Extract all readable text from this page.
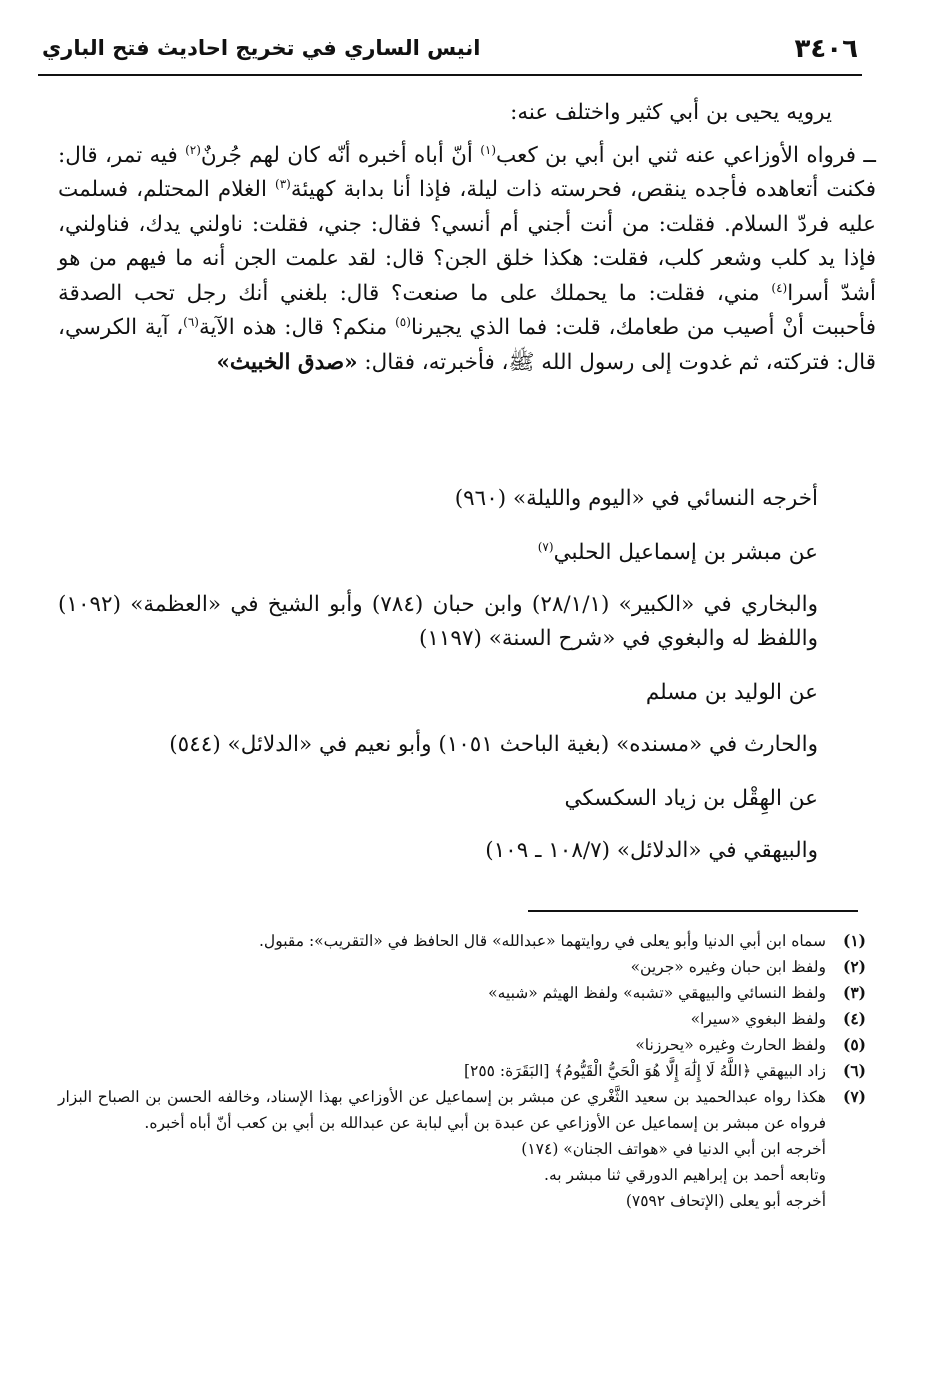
٣٤٠٦
انيس الساري في تخريج احاديث فتح الباري

يرويه يحيى بن أبي كثير واختلف عنه:

ــ فرواه الأوزاعي عنه ثني ابن أبي بن كعب$^{(١)}$ أنّ أباه أخبره أنّه كان لهم جُرنٌ$^{(٢)}$ فيه تمر، قال: فكنت أتعاهده فأجده ينقص، فحرسته ذات ليلة، فإذا أنا بدابة كهيئة$^{(٣)}$ الغلام المحتلم، فسلمت عليه فردّ السلام. فقلت: من أنت أجني أم أنسي؟ فقال: جني، فقلت: ناولني يدك، فناولني، فإذا يد كلب وشعر كلب، فقلت: هكذا خلق الجن؟ قال: لقد علمت الجن أنه ما فيهم من هو أشدّ أسرا$^{(٤)}$ مني، فقلت: ما يحملك على ما صنعت؟ قال: بلغني أنك رجل تحب الصدقة فأحببت أنْ أصيب من طعامك، قلت: فما الذي يجيرنا$^{(٥)}$ منكم؟ قال: هذه الآية$^{(٦)}$، آية الكرسي، قال: فتركته، ثم غدوت إلى رسول الله ﷺ، فأخبرته، فقال: «صدق الخبيث»

أخرجه النسائي في «اليوم والليلة» (٩٦٠)

عن مبشر بن إسماعيل الحلبي$^{(٧)}$

والبخاري في «الكبير» (٢٨/١/١) وابن حبان (٧٨٤) وأبو الشيخ في «العظمة» (١٠٩٢) واللفظ له والبغوي في «شرح السنة» (١١٩٧)

عن الوليد بن مسلم

والحارث في «مسنده» (بغية الباحث ١٠٥١) وأبو نعيم في «الدلائل» (٥٤٤)

عن الهِقْل بن زياد السكسكي

والبيهقي في «الدلائل» (١٠٨/٧ ـ ١٠٩)

(١)

سماه ابن أبي الدنيا وأبو يعلى في روايتهما «عبدالله» قال الحافظ في «التقريب»: مقبول.

(٢)

ولفظ ابن حبان وغيره «جرين»

(٣)

ولفظ النسائي والبيهقي «تشبه» ولفظ الهيثم «شبيه»

(٤)

ولفظ البغوي «سيرا»

(٥)

ولفظ الحارث وغيره «يحرزنا»

(٦)

زاد البيهقي ﴿اللَّهُ لَا إِلَٰهَ إِلَّا هُوَ الْحَيُّ الْقَيُّومُ﴾ [البَقَرَة: ٢٥٥]

(٧)

هكذا رواه عبدالحميد بن سعيد الثَّغْري عن مبشر بن إسماعيل عن الأوزاعي بهذا الإسناد، وخالفه الحسن بن الصباح البزار فرواه عن مبشر بن إسماعيل عن الأوزاعي عن عبدة بن أبي لبابة عن عبدالله بن أبي بن كعب أنّ أباه أخبره.

أخرجه ابن أبي الدنيا في «هواتف الجنان» (١٧٤)

وتابعه أحمد بن إبراهيم الدورقي ثنا مبشر به.

أخرجه أبو يعلى (الإتحاف ٧٥٩٢)
